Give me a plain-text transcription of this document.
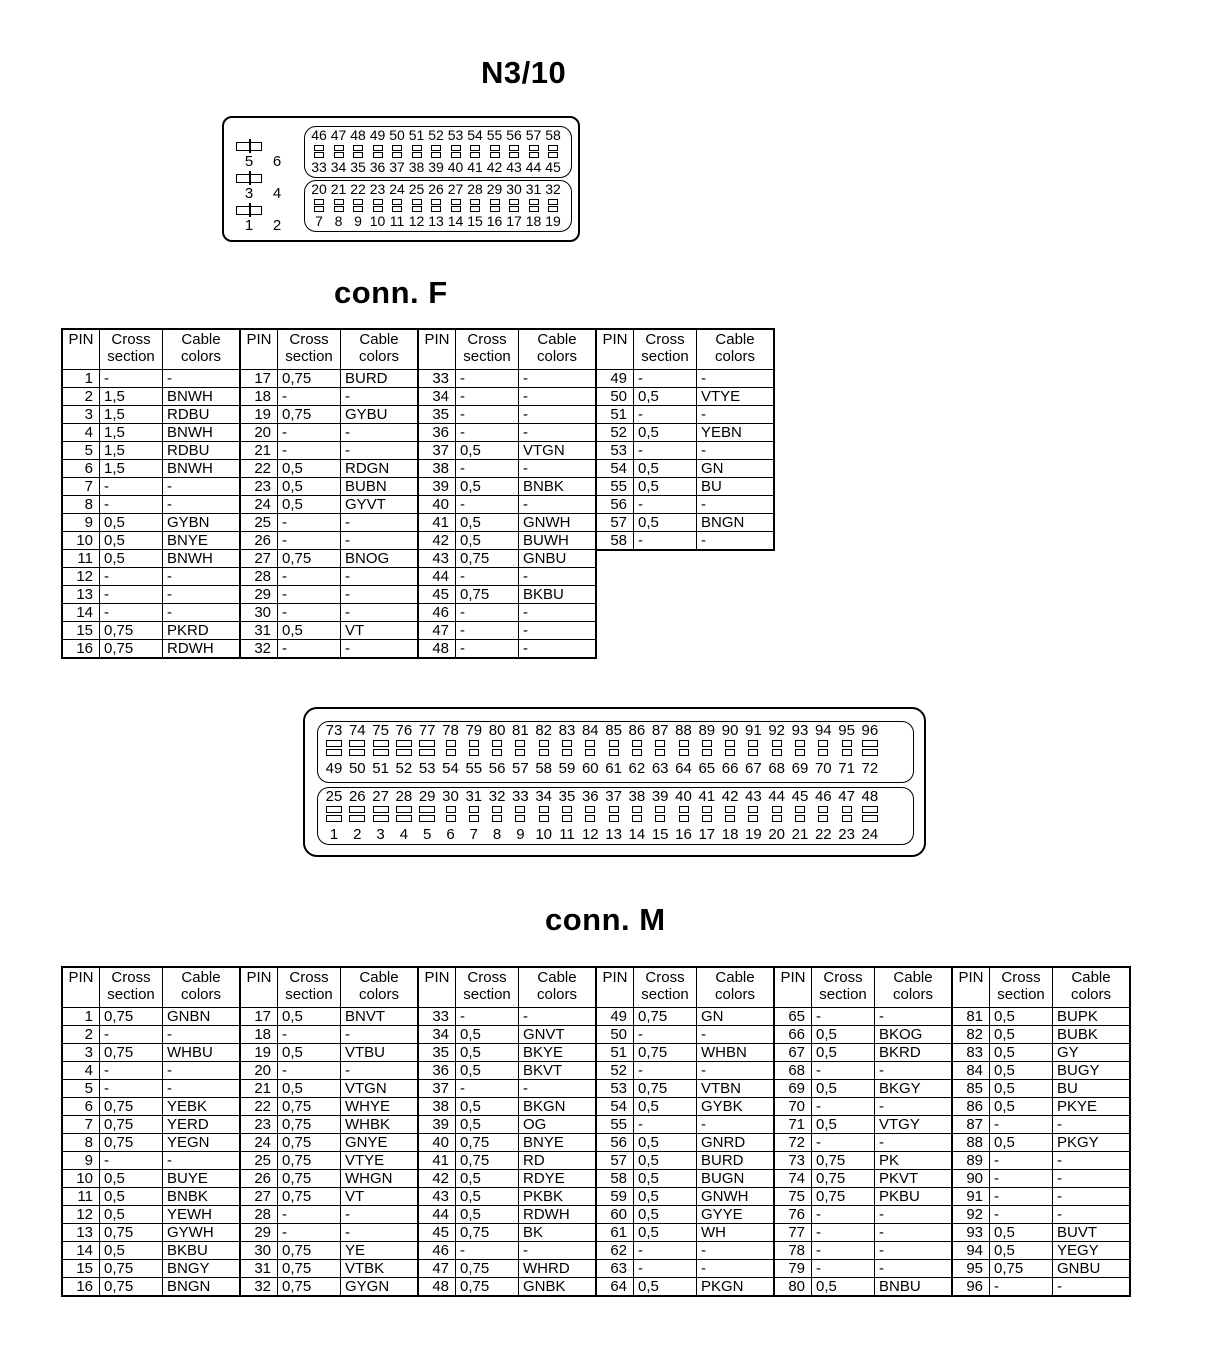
N3/10
5 6
3 4
1 2
46 47 48 49 50 51 52 53 54 55 56 57 58
33 34 35 36 37 38 39 40 41 42 43 44 45
20 21 22 23 24 25 26 27 28 29 30 31 32
7 8 9 10 11 12 13 14 15 16 17 18 19
conn. F
PIN	Cross section	Cable colors	PIN	Cross section	Cable colors	PIN	Cross section	Cable colors	PIN	Cross section	Cable colors
1	-	-	17	0,75	BURD	33	-	-	49	-	-
2	1,5	BNWH	18	-	-	34	-	-	50	0,5	VTYE
3	1,5	RDBU	19	0,75	GYBU	35	-	-	51	-	-
4	1,5	BNWH	20	-	-	36	-	-	52	0,5	YEBN
5	1,5	RDBU	21	-	-	37	0,5	VTGN	53	-	-
6	1,5	BNWH	22	0,5	RDGN	38	-	-	54	0,5	GN
7	-	-	23	0,5	BUBN	39	0,5	BNBK	55	0,5	BU
8	-	-	24	0,5	GYVT	40	-	-	56	-	-
9	0,5	GYBN	25	-	-	41	0,5	GNWH	57	0,5	BNGN
10	0,5	BNYE	26	-	-	42	0,5	BUWH	58	-	-
11	0,5	BNWH	27	0,75	BNOG	43	0,75	GNBU			
12	-	-	28	-	-	44	-	-			
13	-	-	29	-	-	45	0,75	BKBU			
14	-	-	30	-	-	46	-	-			
15	0,75	PKRD	31	0,5	VT	47	-	-			
16	0,75	RDWH	32	-	-	48	-	-			
73 74 75 76 77 78 79 80 81 82 83 84 85 86 87 88 89 90 91 92 93 94 95 96
49 50 51 52 53 54 55 56 57 58 59 60 61 62 63 64 65 66 67 68 69 70 71 72
25 26 27 28 29 30 31 32 33 34 35 36 37 38 39 40 41 42 43 44 45 46 47 48
1 2 3 4 5 6 7 8 9 10 11 12 13 14 15 16 17 18 19 20 21 22 23 24
conn. M
PIN	Cross section	Cable colors	PIN	Cross section	Cable colors	PIN	Cross section	Cable colors	PIN	Cross section	Cable colors	PIN	Cross section	Cable colors	PIN	Cross section	Cable colors
1	0,75	GNBN	17	0,5	BNVT	33	-	-	49	0,75	GN	65	-	-	81	0,5	BUPK
2	-	-	18	-	-	34	0,5	GNVT	50	-	-	66	0,5	BKOG	82	0,5	BUBK
3	0,75	WHBU	19	0,5	VTBU	35	0,5	BKYE	51	0,75	WHBN	67	0,5	BKRD	83	0,5	GY
4	-	-	20	-	-	36	0,5	BKVT	52	-	-	68	-	-	84	0,5	BUGY
5	-	-	21	0,5	VTGN	37	-	-	53	0,75	VTBN	69	0,5	BKGY	85	0,5	BU
6	0,75	YEBK	22	0,75	WHYE	38	0,5	BKGN	54	0,5	GYBK	70	-	-	86	0,5	PKYE
7	0,75	YERD	23	0,75	WHBK	39	0,5	OG	55	-	-	71	0,5	VTGY	87	-	-
8	0,75	YEGN	24	0,75	GNYE	40	0,75	BNYE	56	0,5	GNRD	72	-	-	88	0,5	PKGY
9	-	-	25	0,75	VTYE	41	0,75	RD	57	0,5	BURD	73	0,75	PK	89	-	-
10	0,5	BUYE	26	0,75	WHGN	42	0,5	RDYE	58	0,5	BUGN	74	0,75	PKVT	90	-	-
11	0,5	BNBK	27	0,75	VT	43	0,5	PKBK	59	0,5	GNWH	75	0,75	PKBU	91	-	-
12	0,5	YEWH	28	-	-	44	0,5	RDWH	60	0,5	GYYE	76	-	-	92	-	-
13	0,75	GYWH	29	-	-	45	0,75	BK	61	0,5	WH	77	-	-	93	0,5	BUVT
14	0,5	BKBU	30	0,75	YE	46	-	-	62	-	-	78	-	-	94	0,5	YEGY
15	0,75	BNGY	31	0,75	VTBK	47	0,75	WHRD	63	-	-	79	-	-	95	0,75	GNBU
16	0,75	BNGN	32	0,75	GYGN	48	0,75	GNBK	64	0,5	PKGN	80	0,5	BNBU	96	-	-
